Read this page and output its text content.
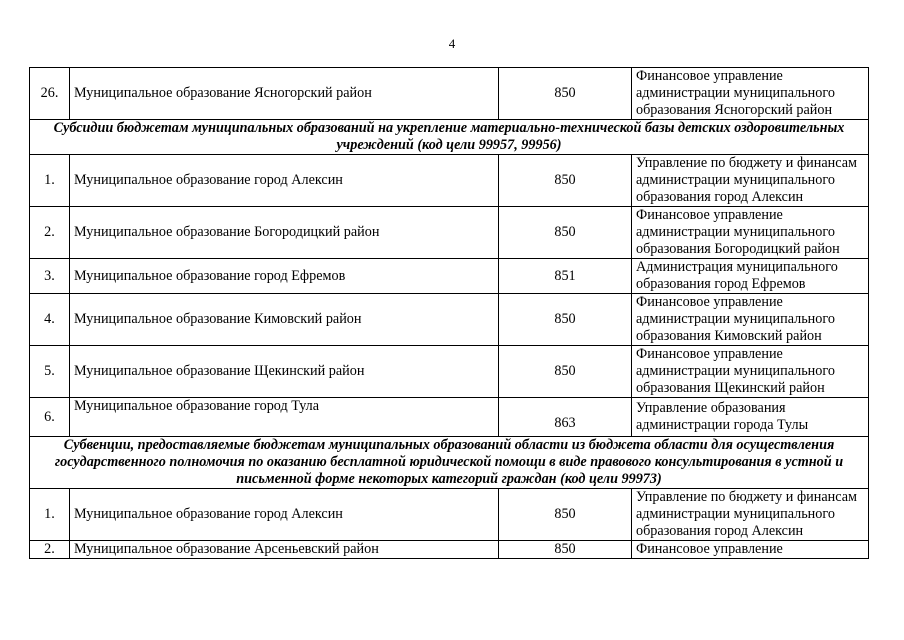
4
26.	Муниципальное образование Ясногорский район	850	Финансовое управление администрации муниципального образования Ясногорский район
Субсидии бюджетам муниципальных образований на укрепление материально-технической базы детских оздоровительных учреждений (код цели 99957, 99956)			
1.	Муниципальное образование город Алексин	850	Управление по бюджету и финансам администрации муниципального образования город Алексин
2.	Муниципальное образование Богородицкий район	850	Финансовое управление администрации муниципального образования Богородицкий район
3.	Муниципальное образование город Ефремов	851	Администрация муниципального образования город Ефремов
4.	Муниципальное образование Кимовский район	850	Финансовое управление администрации муниципального образования Кимовский район
5.	Муниципальное образование Щекинский район	850	Финансовое управление администрации муниципального образования Щекинский район
6.	Муниципальное образование город Тула	863	Управление образования администрации города Тулы
Субвенции, предоставляемые бюджетам муниципальных образований области из бюджета области для осуществления государственного полномочия по оказанию бесплатной юридической помощи в виде правового консультирования в устной и письменной форме некоторых категорий граждан (код цели 99973)			
1.	Муниципальное образование город Алексин	850	Управление по бюджету и финансам администрации муниципального образования город Алексин
2.	Муниципальное образование Арсеньевский район	850	Финансовое управление
